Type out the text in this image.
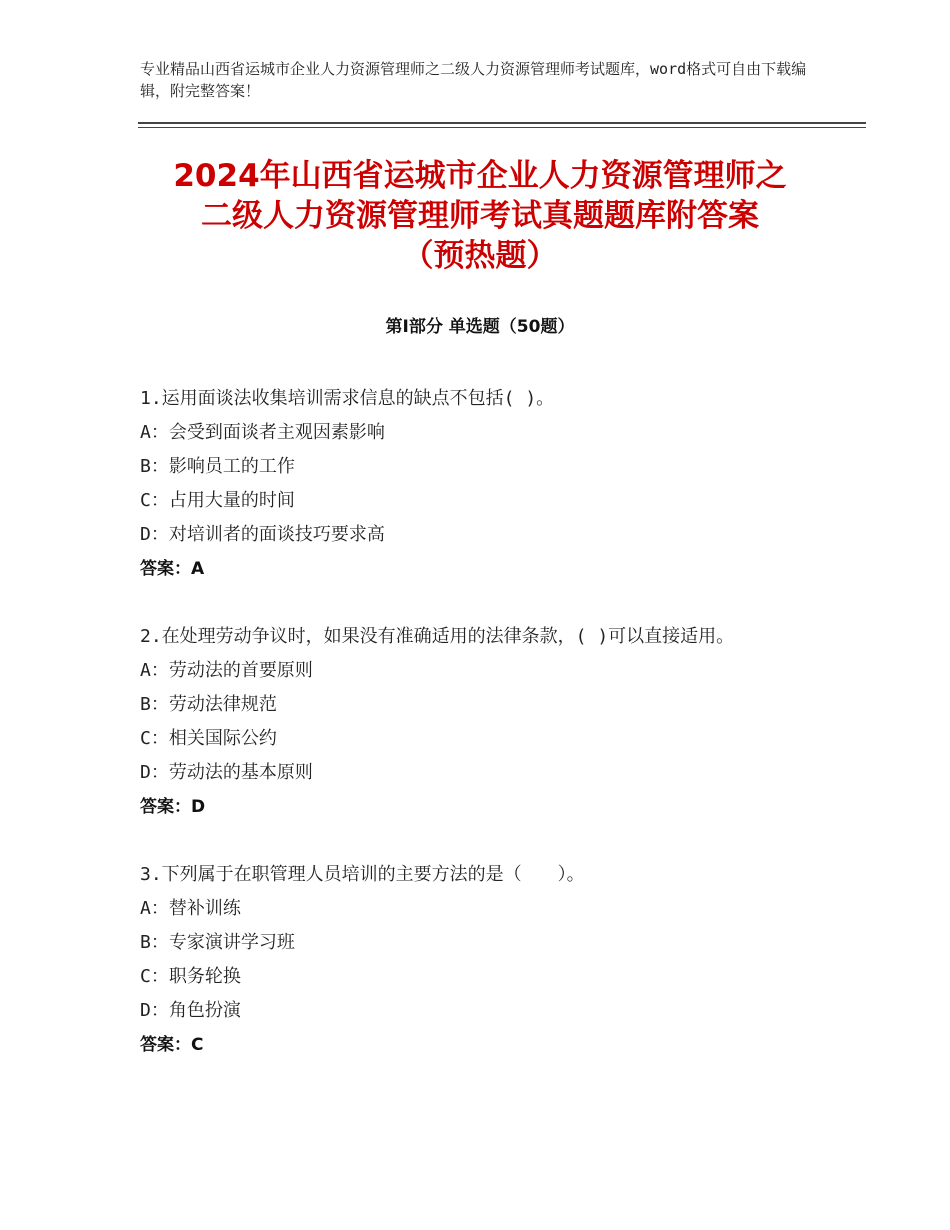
专业精品山西省运城市企业人力资源管理师之二级人力资源管理师考试题库，word格式可自由下载编辑，附完整答案！
2024年山西省运城市企业人力资源管理师之
二级人力资源管理师考试真题题库附答案
（预热题）
第Ⅰ部分 单选题（50题）
1.运用面谈法收集培训需求信息的缺点不包括( )。
A：会受到面谈者主观因素影响
B：影响员工的工作
C：占用大量的时间
D：对培训者的面谈技巧要求高
答案：A
2.在处理劳动争议时，如果没有准确适用的法律条款，( )可以直接适用。
A：劳动法的首要原则
B：劳动法律规范
C：相关国际公约
D：劳动法的基本原则
答案：D
3.下列属于在职管理人员培训的主要方法的是（　　）。
A：替补训练
B：专家演讲学习班
C：职务轮换
D：角色扮演
答案：C
